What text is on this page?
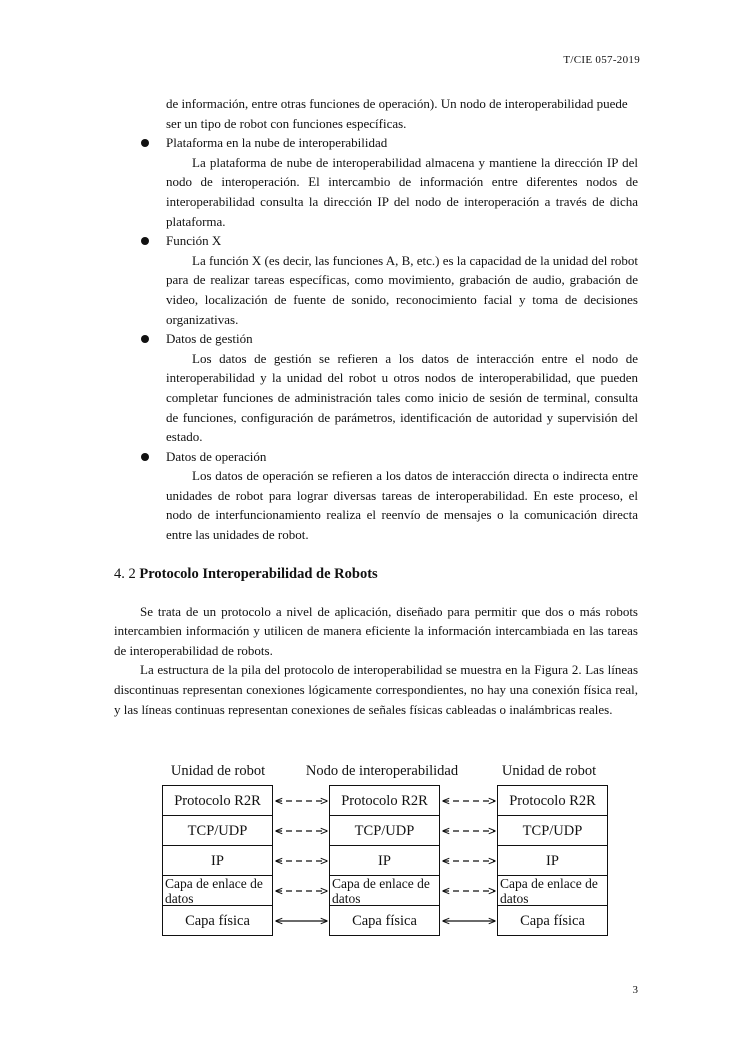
T/CIE 057-2019

de información, entre otras funciones de operación). Un nodo de interoperabilidad puede

ser un tipo de robot con funciones específicas.

Plataforma en la nube de interoperabilidad

La plataforma de nube de interoperabilidad almacena y mantiene la dirección IP del nodo de interoperación. El intercambio de información entre diferentes nodos de interoperabilidad consulta la dirección IP del nodo de interoperación a través de dicha plataforma.

Función X

La función X (es decir, las funciones A, B, etc.) es la capacidad de la unidad del robot para de realizar tareas específicas, como movimiento, grabación de audio, grabación de video, localización de fuente de sonido, reconocimiento facial y toma de decisiones organizativas.

Datos de gestión

Los datos de gestión se refieren a los datos de interacción entre el nodo de interoperabilidad y la unidad del robot u otros nodos de interoperabilidad, que pueden completar funciones de administración tales como inicio de sesión de terminal, consulta de funciones, configuración de parámetros, identificación de autoridad y supervisión del estado.

Datos de operación

Los datos de operación se refieren a los datos de interacción directa o indirecta entre unidades de robot para lograr diversas tareas de interoperabilidad. En este proceso, el nodo de interfuncionamiento realiza el reenvío de mensajes o la comunicación directa entre las unidades de robot.

4. 2 Protocolo Interoperabilidad de Robots

Se trata de un protocolo a nivel de aplicación, diseñado para permitir que dos o más robots intercambien información y utilicen de manera eficiente la información intercambiada en las tareas de interoperabilidad de robots.

La estructura de la pila del protocolo de interoperabilidad se muestra en la Figura 2. Las líneas discontinuas representan conexiones lógicamente correspondientes, no hay una conexión física real, y las líneas continuas representan conexiones de señales físicas cableadas o inalámbricas reales.

Unidad de robot	Nodo de interoperabilidad	Unidad de robot
Protocolo R2R
TCP/UDP
IP
Capa de enlace de
datos
Capa física
Protocolo R2R
TCP/UDP
IP
Capa de enlace de
datos
Capa física
Protocolo R2R
TCP/UDP
IP
Capa de enlace de
datos
Capa física
3
